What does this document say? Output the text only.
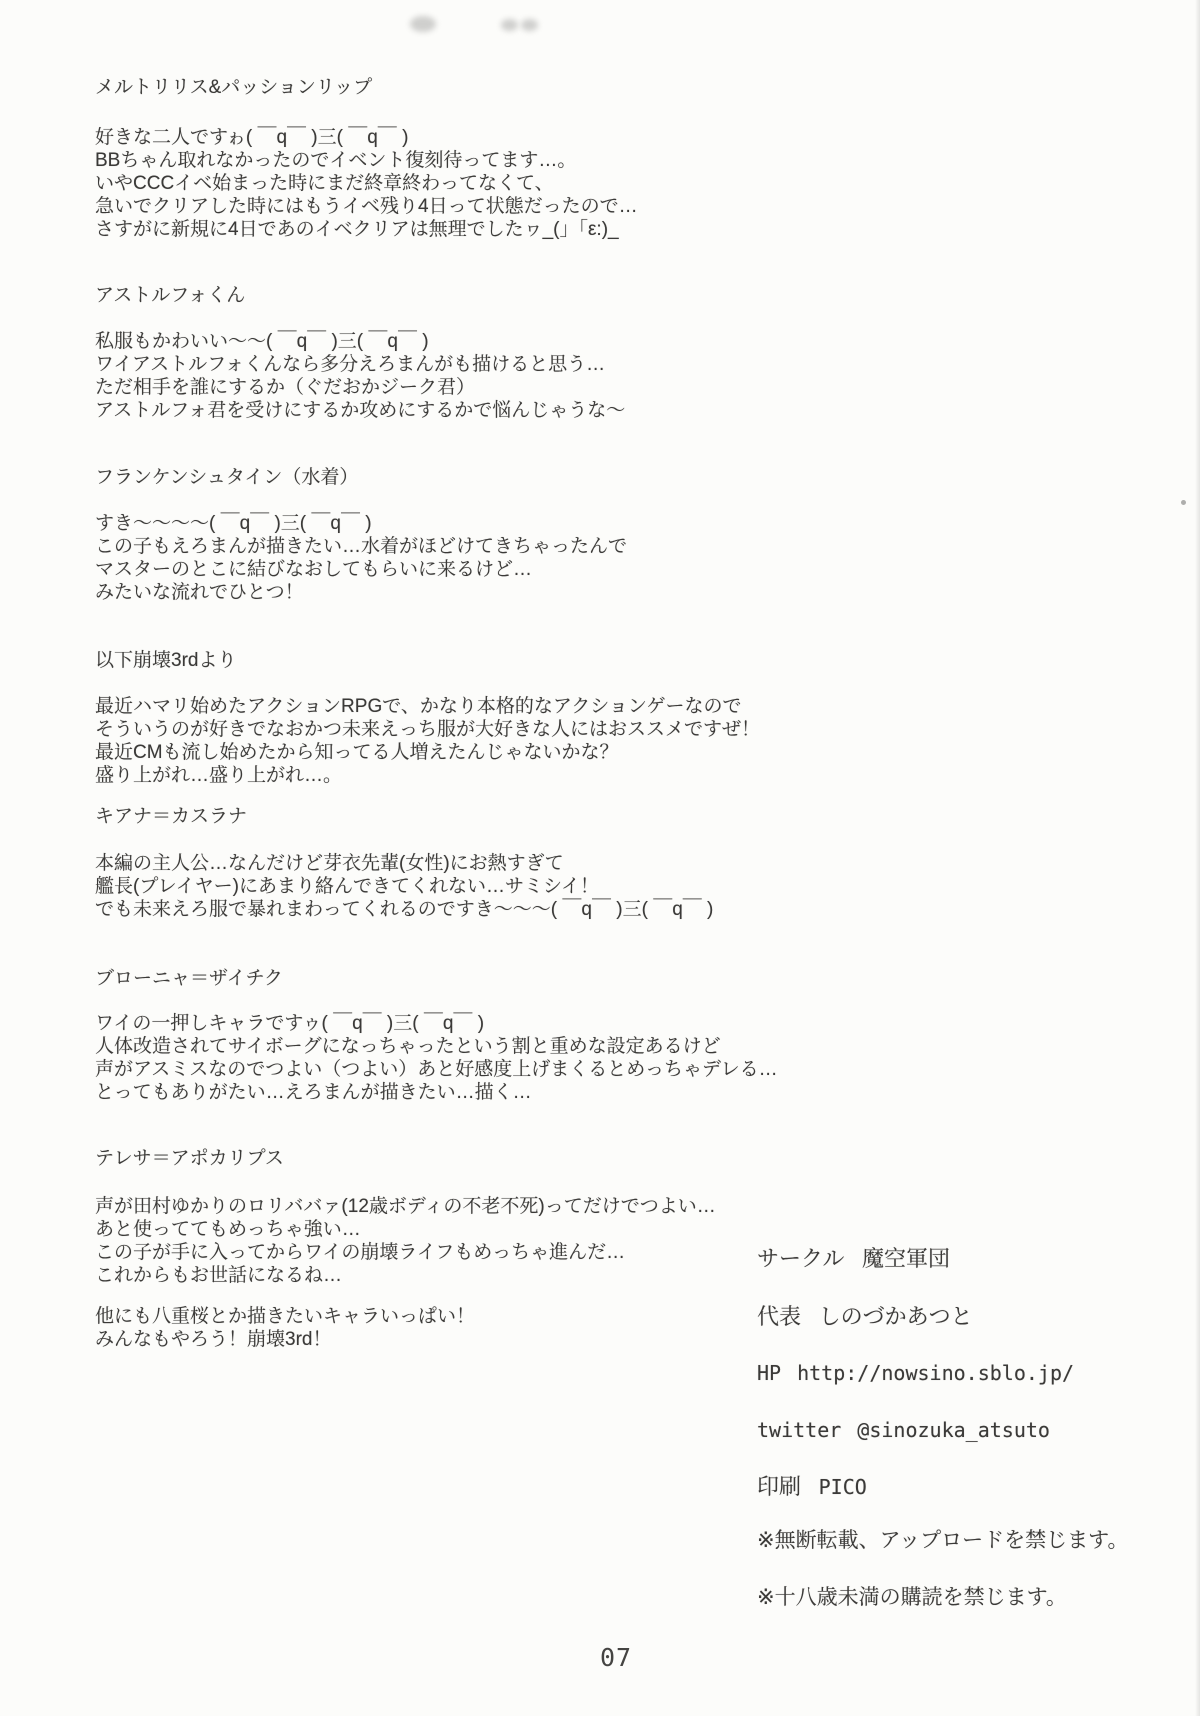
メルトリリス&パッションリップ
好きな二人ですゎ( ￣q￣ )三( ￣q￣ )
BBちゃん取れなかったのでイベント復刻待ってます…。
いやCCCイベ始まった時にまだ終章終わってなくて、
急いでクリアした時にはもうイベ残り4日って状態だったので…
さすがに新規に4日であのイベクリアは無理でしたヮ_(」「ε:)_
アストルフォくん
私服もかわいい～～( ￣q￣ )三( ￣q￣ )
ワイアストルフォくんなら多分えろまんがも描けると思う…
ただ相手を誰にするか（ぐだおかジーク君）
アストルフォ君を受けにするか攻めにするかで悩んじゃうな～
フランケンシュタイン（水着）
すき～～～～( ￣q￣ )三( ￣q￣ )
この子もえろまんが描きたい…水着がほどけてきちゃったんで
マスターのとこに結びなおしてもらいに来るけど…
みたいな流れでひとつ！
以下崩壊3rdより
最近ハマリ始めたアクションRPGで、かなり本格的なアクションゲーなので
そういうのが好きでなおかつ未来えっち服が大好きな人にはおススメですぜ！
最近CMも流し始めたから知ってる人増えたんじゃないかな？
盛り上がれ…盛り上がれ…。
キアナ＝カスラナ
本編の主人公…なんだけど芽衣先輩(女性)にお熱すぎて
艦長(プレイヤー)にあまり絡んできてくれない…サミシイ！
でも未来えろ服で暴れまわってくれるのですき～～～( ￣q￣ )三( ￣q￣ )
ブローニャ＝ザイチク
ワイの一押しキャラですゥ( ￣q￣ )三( ￣q￣ )
人体改造されてサイボーグになっちゃったという割と重めな設定あるけど
声がアスミスなのでつよい（つよい）あと好感度上げまくるとめっちゃデレる…
とってもありがたい…えろまんが描きたい…描く…
テレサ＝アポカリプス
声が田村ゆかりのロリババァ(12歳ボディの不老不死)ってだけでつよい…
あと使っててもめっちゃ強い…
この子が手に入ってからワイの崩壊ライフもめっちゃ進んだ…
これからもお世話になるね…
他にも八重桜とか描きたいキャラいっぱい！
みんなもやろう！崩壊3rd！
サークル 魔空軍団
代表 しのづかあつと
HP http://nowsino.sblo.jp/
twitter @sinozuka_atsuto
印刷 PICO
※無断転載、アップロードを禁じます。
※十八歳未満の購読を禁じます。
07
